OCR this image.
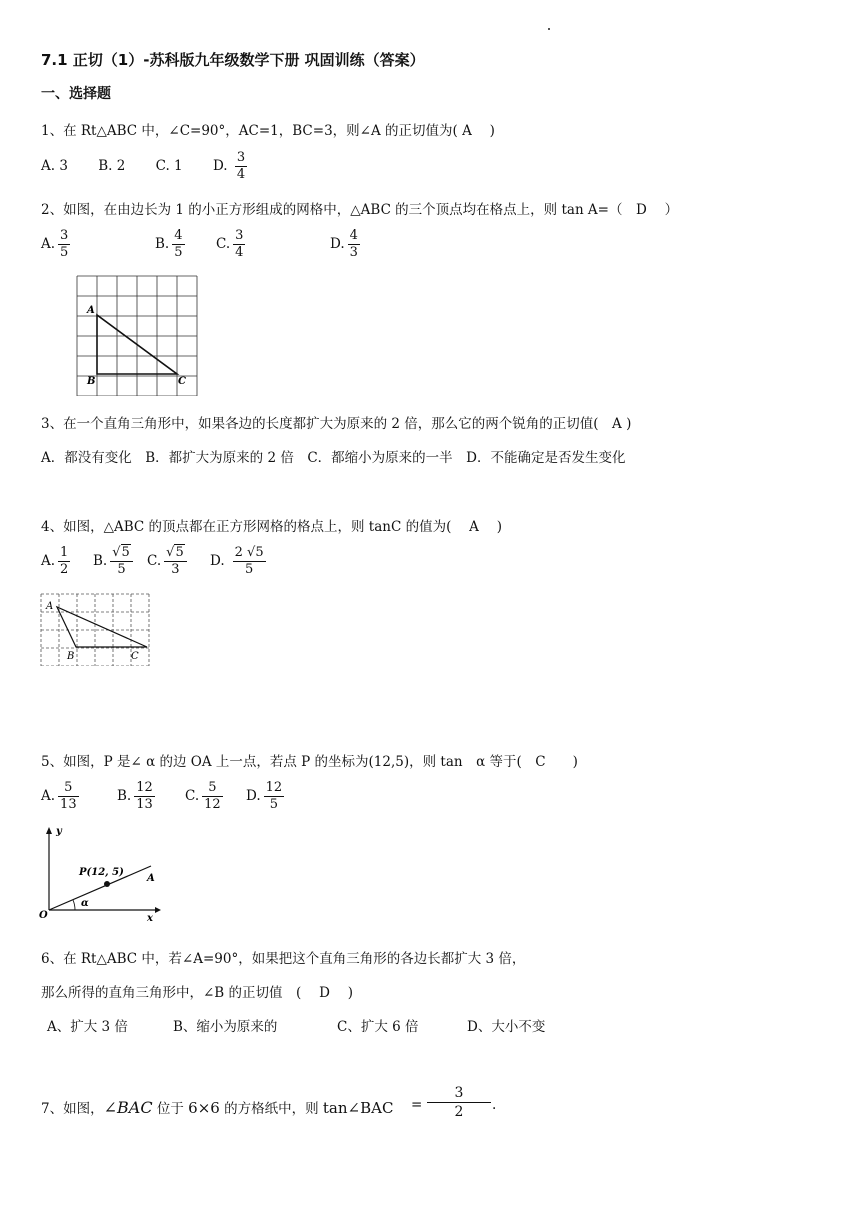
7.1 正切（1）-苏科版九年级数学下册 巩固训练（答案）
一、选择题
1、在 Rt△ABC 中，∠C=90°，AC=1，BC=3，则∠A 的正切值为( A　 )
A. 3 B. 2 C. 1 D. $\frac{3}{4}$
2、如图，在由边长为 1 的小正方形组成的网格中，△ABC 的三个顶点均在格点上，则 tan A=（　D　 ）
A. $\frac{3}{5}$	B. $\frac{4}{5} C$. $\frac{3}{4}$	D. $\frac{4}{3}$
A
B	C
3、在一个直角三角形中，如果各边的长度都扩大为原来的 2 倍，那么它的两个锐角的正切值(　A )
A．都没有变化　B．都扩大为原来的 2 倍　C．都缩小为原来的一半　D．不能确定是否发生变化
4、如图，△ABC 的顶点都在正方形网格的格点上，则 tanC 的值为(　 A　 )
A. $\frac{1}{2} B$. $\frac{√5}{5} C$. $\frac{√5}{3} D$. $\frac{2 √5}{5}$
A
B	C
5、如图，P 是∠ α 的边 OA 上一点，若点 P 的坐标为(12,5)，则 tan　α 等于(　C　　)
A. $\frac{5}{13}$	B. $\frac{12}{13} C$. $\frac{5}{12} D$. $\frac{12}{5}$
y
x
O
P(12, 5)
A
α
6、在 Rt△ABC 中，若∠A=90°，如果把这个直角三角形的各边长都扩大 3 倍，
那么所得的直角三角形中，∠B 的正切值　(　 D　 )
A、扩大 3 倍	B、缩小为原来的	C、扩大 6 倍	D、大小不变
7、如图，∠BAC 位于 6×6 的方格纸中，则 tan∠BAC =
3
2	.
